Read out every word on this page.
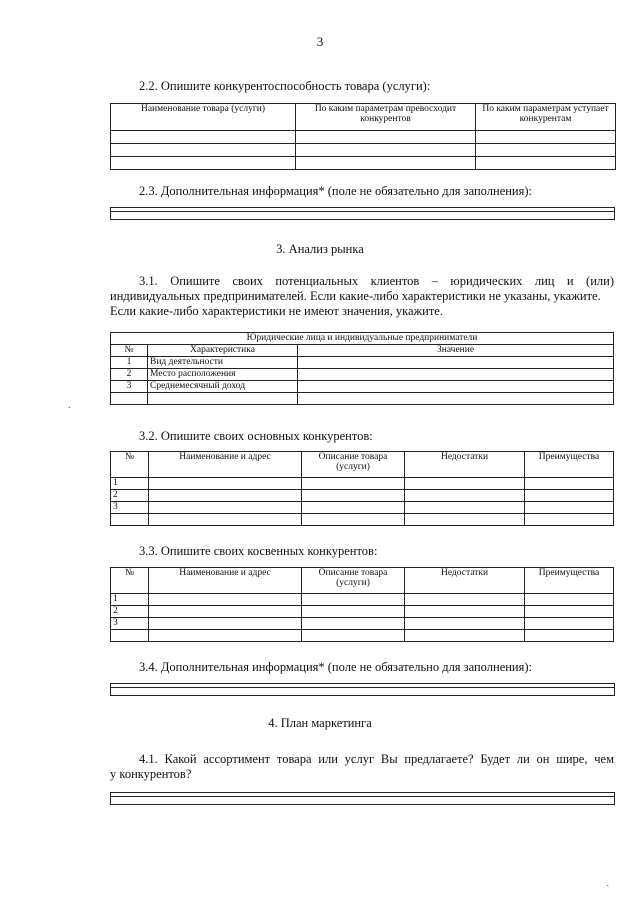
3
2.2. Опишите конкурентоспособность товара (услуги):
Наименование товара (услуги)	По каким параметрам превосходит конкурентов	По каким параметрам уступает конкурентам

2.3. Дополнительная информация* (поле не обязательно для заполнения):
3. Анализ рынка
3.1. Опишите своих потенциальных клиентов – юридических лиц и (или)
индивидуальных предпринимателей. Если какие-либо характеристики не указаны, укажите.
Если какие-либо характеристики не имеют значения, укажите.
Юридические лица и индивидуальные предприниматели		
№	Характеристика	Значение
1	Вид деятельности	
2	Место расположения	
3	Среднемесячный доход	

.
3.2. Опишите своих основных конкурентов:
№	Наименование и адрес	Описание товара (услуги)	Недостатки	Преимущества
1				
2				
3				

3.3. Опишите своих косвенных конкурентов:
№	Наименование и адрес	Описание товара (услуги)	Недостатки	Преимущества
1				
2				
3				

3.4. Дополнительная информация* (поле не обязательно для заполнения):
4. План маркетинга
4.1. Какой ассортимент товара или услуг Вы предлагаете? Будет ли он шире, чем
у конкурентов?
ˎ
